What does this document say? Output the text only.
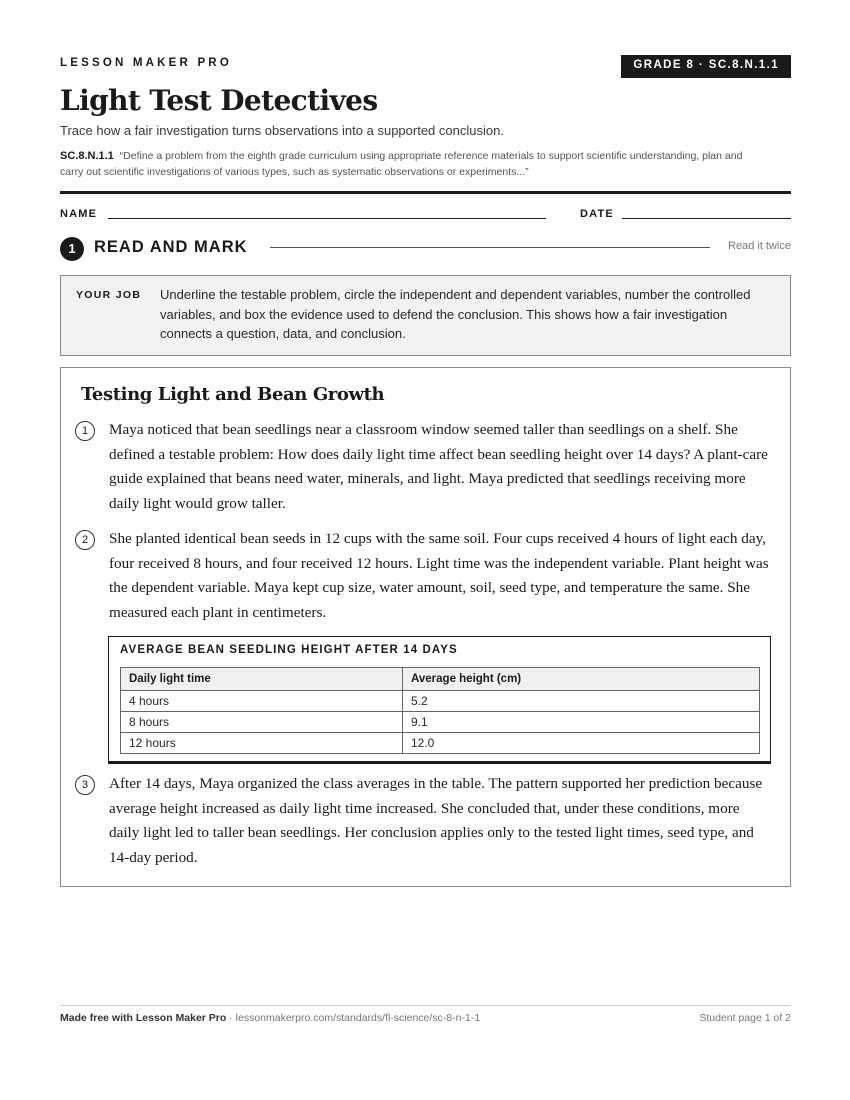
LESSON MAKER PRO	GRADE 8 · SC.8.N.1.1
Light Test Detectives
Trace how a fair investigation turns observations into a supported conclusion.
SC.8.N.1.1 “Define a problem from the eighth grade curriculum using appropriate reference materials to support scientific understanding, plan and carry out scientific investigations of various types, such as systematic observations or experiments...”
NAME	DATE
1	READ AND MARK	Read it twice
YOUR JOB Underline the testable problem, circle the independent and dependent variables, number the controlled variables, and box the evidence used to defend the conclusion. This shows how a fair investigation connects a question, data, and conclusion.
Testing Light and Bean Growth
1	Maya noticed that bean seedlings near a classroom window seemed taller than seedlings on a shelf. She defined a testable problem: How does daily light time affect bean seedling height over 14 days? A plant-care guide explained that beans need water, minerals, and light. Maya predicted that seedlings receiving more daily light would grow taller.
2	She planted identical bean seeds in 12 cups with the same soil. Four cups received 4 hours of light each day, four received 8 hours, and four received 12 hours. Light time was the independent variable. Plant height was the dependent variable. Maya kept cup size, water amount, soil, seed type, and temperature the same. She measured each plant in centimeters.
AVERAGE BEAN SEEDLING HEIGHT AFTER 14 DAYS
Daily light time	Average height (cm)
4 hours	5.2
8 hours	9.1
12 hours	12.0
3	After 14 days, Maya organized the class averages in the table. The pattern supported her prediction because average height increased as daily light time increased. She concluded that, under these conditions, more daily light led to taller bean seedlings. Her conclusion applies only to the tested light times, seed type, and 14-day period.
Made free with Lesson Maker Pro · lessonmakerpro.com/standards/fl-science/sc-8-n-1-1	Student page 1 of 2
